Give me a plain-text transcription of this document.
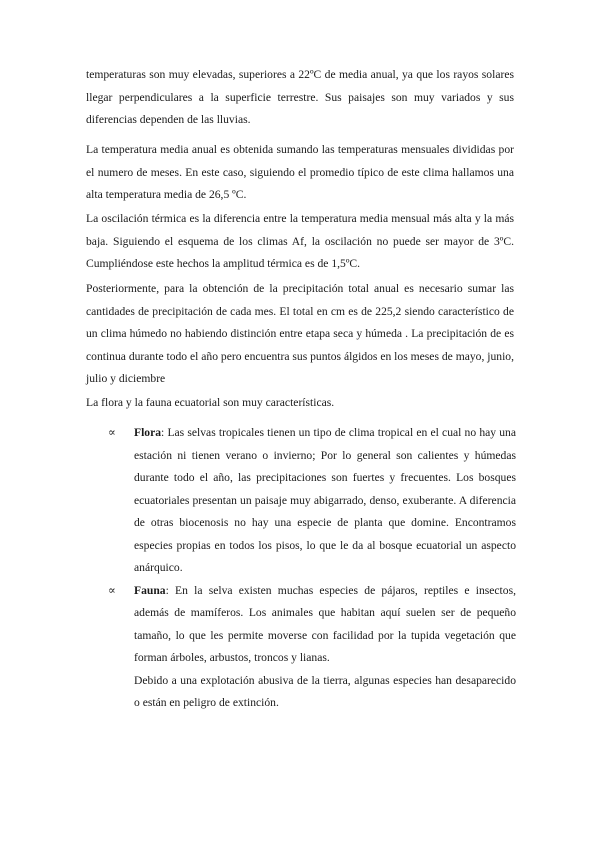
temperaturas son muy elevadas, superiores a 22ºC de media anual, ya que los rayos solares llegar perpendiculares a la superficie terrestre. Sus paisajes son muy variados y sus diferencias dependen de las lluvias.

La temperatura media anual es obtenida sumando las temperaturas mensuales divididas por el numero de meses. En este caso, siguiendo el promedio típico de este clima hallamos una alta temperatura media de 26,5 ºC.

La oscilación térmica es la diferencia entre la temperatura media mensual más alta y la más baja. Siguiendo el esquema de los climas Af, la oscilación no puede ser mayor de 3ºC. Cumpliéndose este hechos la amplitud térmica es de 1,5ºC.

Posteriormente, para la obtención de la precipitación total anual es necesario sumar las cantidades de precipitación de cada mes. El total en cm es de 225,2 siendo característico de un clima húmedo no habiendo distinción entre etapa seca y húmeda . La precipitación de es continua durante todo el año pero encuentra sus puntos álgidos en los meses de mayo, junio, julio y diciembre

La flora y la fauna ecuatorial son muy características.

∝	Flora: Las selvas tropicales tienen un tipo de clima tropical en el cual no hay una estación ni tienen verano o invierno; Por lo general son calientes y húmedas durante todo el año, las precipitaciones son fuertes y frecuentes. Los bosques ecuatoriales presentan un paisaje muy abigarrado, denso, exuberante. A diferencia de otras biocenosis no hay una especie de planta que domine. Encontramos especies propias en todos los pisos, lo que le da al bosque ecuatorial un aspecto anárquico.
∝	Fauna: En la selva existen muchas especies de pájaros, reptiles e insectos, además de mamíferos. Los animales que habitan aquí suelen ser de pequeño tamaño, lo que les permite moverse con facilidad por la tupida vegetación que forman árboles, arbustos, troncos y lianas.
Debido a una explotación abusiva de la tierra, algunas especies han desaparecido o están en peligro de extinción.
